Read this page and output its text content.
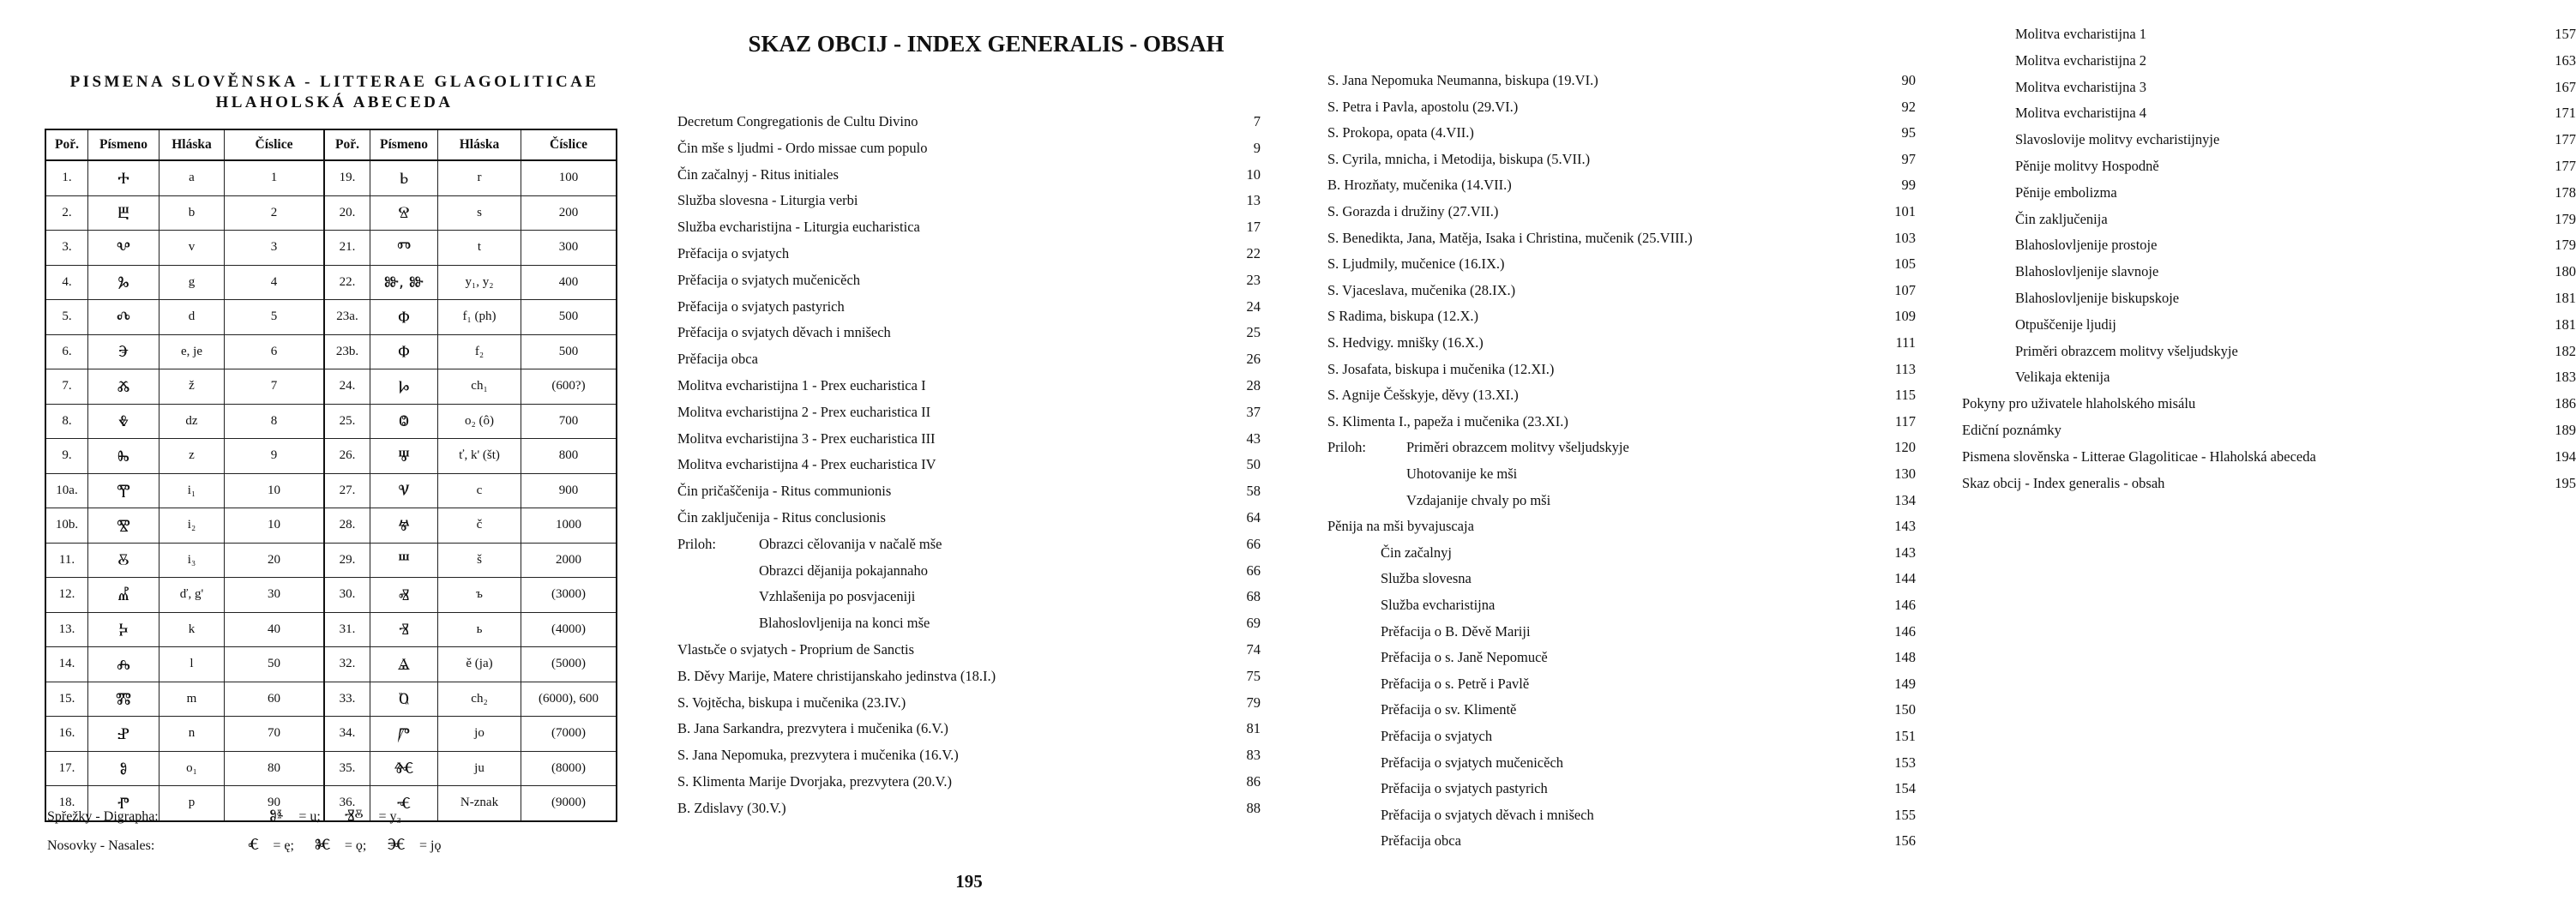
PISMENA SLOVĚNSKA - LITTERAE GLAGOLITICAE
HLAHOLSKÁ ABECEDA
Poř.	Písmeno	Hláska	Číslice	Poř.	Písmeno	Hláska	Číslice
1.	Ⰰ	a	1	19.	Ⱃ	r	100
2.	Ⰱ	b	2	20.	Ⱄ	s	200
3.	Ⰲ	v	3	21.	Ⱅ	t	300
4.	Ⰳ	g	4	22.	Ⱆ, Ⱆ	y₁, y₂	400
5.	Ⰴ	d	5	23a.	Ⱇ	f₁ (ph)	500
6.	Ⰵ	e, je	6	23b.	Ⱇ	f₂	500
7.	Ⰶ	ž	7	24.	Ⱈ	ch₁	(600?)
8.	Ⰷ	dz	8	25.	Ⱉ	o₂ (ô)	700
9.	Ⰸ	z	9	26.	Ⱋ	ť, k' (št)	800
10a.	Ⰹ	i₁	10	27.	Ⱌ	c	900
10b.	Ⰺ	i₂	10	28.	Ⱍ	č	1000
11.	Ⰻ	i₃	20	29.	Ⱎ	š	2000
12.	Ⰼ	ď, g'	30	30.	Ⱏ	ъ	(3000)
13.	Ⰽ	k	40	31.	Ⱐ	ь	(4000)
14.	Ⰾ	l	50	32.	Ⱑ	ě (ja)	(5000)
15.	Ⰿ	m	60	33.	Ⱒ	ch₂	(6000), 600
16.	Ⱀ	n	70	34.	Ⱓ	jo	(7000)
17.	Ⱁ	o₁	80	35.	Ⱙ	ju	(8000)
18.	Ⱂ	p	90	36.	Ⱕ	N-znak	(9000)
Spřežky - Digrapha:	Ⱁⱛ = u; Ⱐⰻ = y₃
Nosovky - Nasales:	Ⱔ = ę; Ⱘ = ǫ; Ⱗ = jǫ
SKAZ OBCIJ - INDEX GENERALIS - OBSAH
Decretum Congregationis de Cultu Divino	7
Čin mše s ljudmi - Ordo missae cum populo	9
Čin začalnyj - Ritus initiales	10
Služba slovesna - Liturgia verbi	13
Služba evcharistijna - Liturgia eucharistica	17
Prěfacija o svjatych	22
Prěfacija o svjatych mučenicěch	23
Prěfacija o svjatych pastyrich	24
Prěfacija o svjatych děvach i mnišech	25
Prěfacija obca	26
Molitva evcharistijna 1 - Prex eucharistica I	28
Molitva evcharistijna 2 - Prex eucharistica II	37
Molitva evcharistijna 3 - Prex eucharistica III	43
Molitva evcharistijna 4 - Prex eucharistica IV	50
Čin pričaščenija - Ritus communionis	58
Čin zaključenija - Ritus conclusionis	64
Priloh:	Obrazci cělovanija v načalě mše	66
Obrazci dějanija pokajannaho	66
Vzhlašenija po posvjaceniji	68
Blahoslovljenija na konci mše	69
Vlastьče o svjatych - Proprium de Sanctis	74
B. Děvy Marije, Matere christijanskaho jedinstva (18.I.)	75
S. Vojtěcha, biskupa i mučenika (23.IV.)	79
B. Jana Sarkandra, prezvytera i mučenika (6.V.)	81
S. Jana Nepomuka, prezvytera i mučenika (16.V.)	83
S. Klimenta Marije Dvorjaka, prezvytera (20.V.)	86
B. Zdislavy (30.V.)	88
S. Jana Nepomuka Neumanna, biskupa (19.VI.)	90
S. Petra i Pavla, apostolu (29.VI.)	92
S. Prokopa, opata (4.VII.)	95
S. Cyrila, mnicha, i Metodija, biskupa (5.VII.)	97
B. Hrozňaty, mučenika (14.VII.)	99
S. Gorazda i družiny (27.VII.)	101
S. Benedikta, Jana, Matěja, Isaka i Christina, mučenik (25.VIII.)	103
S. Ljudmily, mučenice (16.IX.)	105
S. Vjaceslava, mučenika (28.IX.)	107
S Radima, biskupa (12.X.)	109
S. Hedvigy. mnišky (16.X.)	111
S. Josafata, biskupa i mučenika (12.XI.)	113
S. Agnije Češskyje, děvy (13.XI.)	115
S. Klimenta I., papeža i mučenika (23.XI.)	117
Priloh:	Priměri obrazcem molitvy všeljudskyje	120
Uhotovanije ke mši	130
Vzdajanije chvaly po mši	134
Pěnija na mši byvajuscaja	143
Čin začalnyj	143
Služba slovesna	144
Služba evcharistijna	146
Prěfacija o B. Děvě Mariji	146
Prěfacija o s. Janě Nepomucě	148
Prěfacija o s. Petrě i Pavlě	149
Prěfacija o sv. Klimentě	150
Prěfacija o svjatych	151
Prěfacija o svjatych mučenicěch	153
Prěfacija o svjatych pastyrich	154
Prěfacija o svjatych děvach i mnišech	155
Prěfacija obca	156
Molitva evcharistijna 1	157
Molitva evcharistijna 2	163
Molitva evcharistijna 3	167
Molitva evcharistijna 4	171
Slavoslovije molitvy evcharistijnyje	177
Pěnije molitvy Hospodně	177
Pěnije embolizma	178
Čin zaključenija	179
Blahoslovljenije prostoje	179
Blahoslovljenije slavnoje	180
Blahoslovljenije biskupskoje	181
Otpuščenije ljudij	181
Priměri obrazcem molitvy všeljudskyje	182
Velikaja ektenija	183
Pokyny pro uživatele hlaholského misálu	186
Ediční poznámky	189
Pismena slověnska - Litterae Glagoliticae - Hlaholská abeceda	194
Skaz obcij - Index generalis - obsah	195
195
